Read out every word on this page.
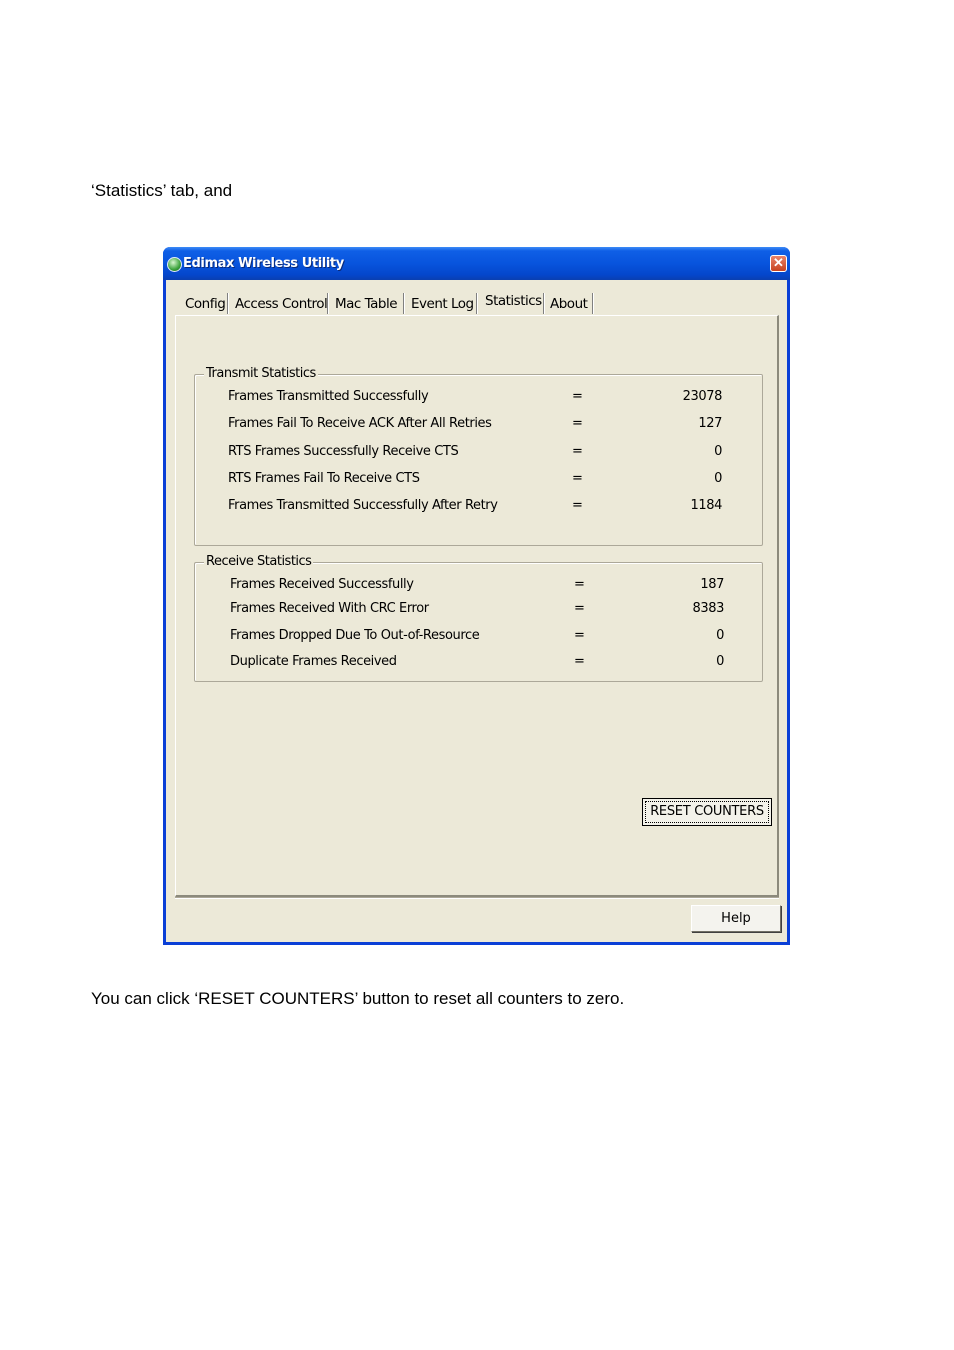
‘Statistics’ tab, and
Edimax Wireless Utility	✕
Config Access Control Mac Table Event Log Statistics About
Transmit Statistics
Frames Transmitted Successfully	=	23078
Frames Fail To Receive ACK After All Retries	=	127
RTS Frames Successfully Receive CTS	=	0
RTS Frames Fail To Receive CTS	=	0
Frames Transmitted Successfully After Retry	=	1184
Receive Statistics
Frames Received Successfully	=	187
Frames Received With CRC Error	=	8383
Frames Dropped Due To Out-of-Resource	=	0
Duplicate Frames Received	=	0
RESET COUNTERS
Help
You can click ‘RESET COUNTERS’ button to reset all counters to zero.
